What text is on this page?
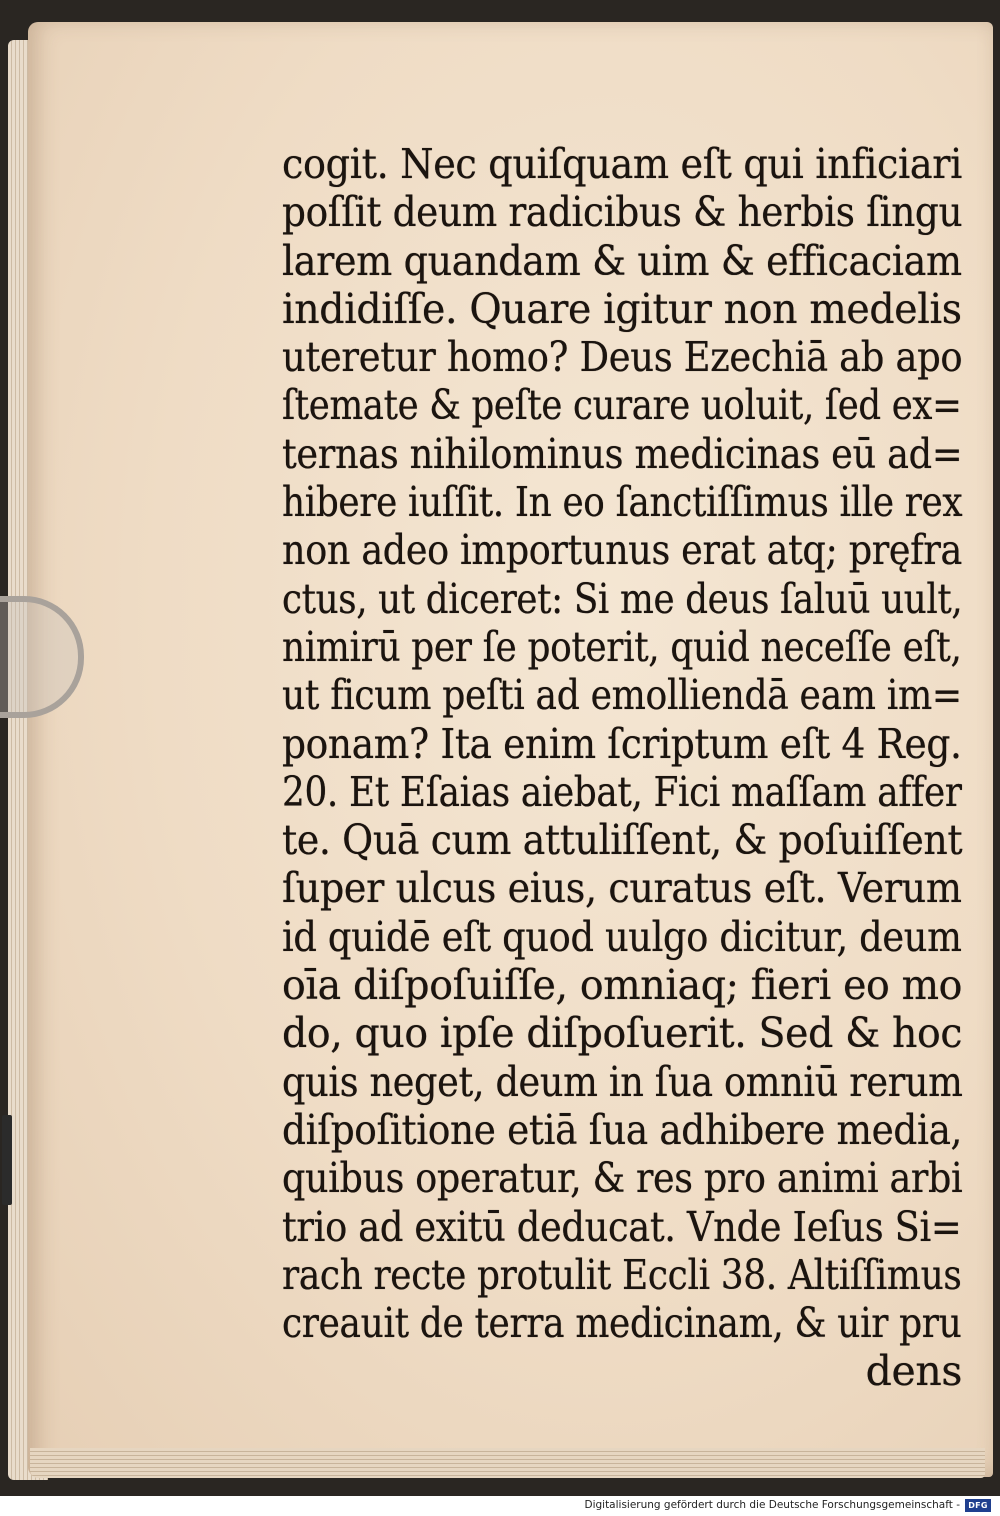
cogit. Nec quiſquam eſt qui inficiari
poſſit deum radicibus & herbis ſingu
larem quandam & uim & efficaciam
indidiſſe. Quare igitur non medelis
uteretur homo? Deus Ezechiā ab apo
ſtemate & peſte curare uoluit, ſed ex=
ternas nihilominus medicinas eū ad=
hibere iuſſit. In eo ſanctiſſimus ille rex
non adeo importunus erat atq; pręfra
ctus, ut diceret: Si me deus ſaluū uult,
nimirū per ſe poterit, quid neceſſe eſt,
ut ficum peſti ad emolliendā eam im=
ponam? Ita enim ſcriptum eſt 4 Reg.
20. Et Eſaias aiebat, Fici maſſam affer
te. Quā cum attuliſſent, & poſuiſſent
ſuper ulcus eius, curatus eſt. Verum
id quidē eſt quod uulgo dicitur, deum
oīa diſpoſuiſſe, omniaq; fieri eo mo
do, quo ipſe diſpoſuerit. Sed & hoc
quis neget, deum in ſua omniū rerum
diſpoſitione etiā ſua adhibere media,
quibus operatur, & res pro animi arbi
trio ad exitū deducat. Vnde Ieſus Si=
rach recte protulit Eccli 38. Altiſſimus
creauit de terra medicinam, & uir pru
dens
Digitalisierung gefördert durch die Deutsche Forschungsgemeinschaft -	DFG
